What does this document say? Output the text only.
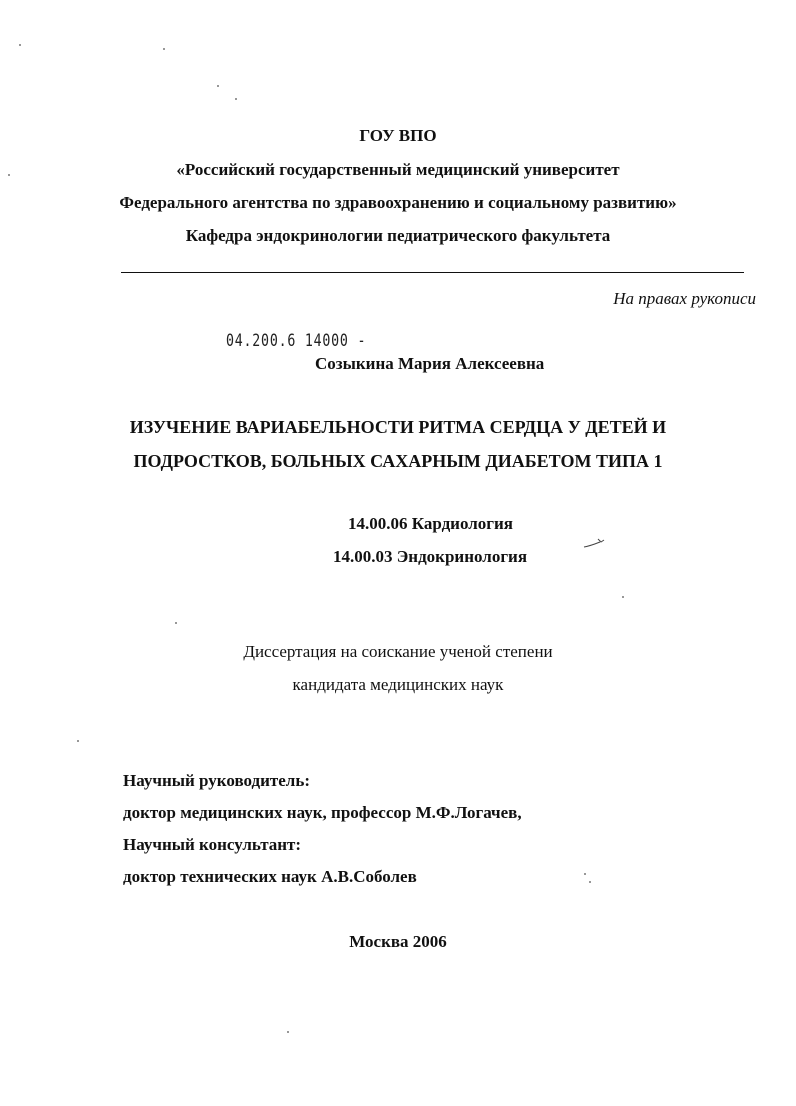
ГОУ ВПО
«Российский государственный медицинский университет
Федерального агентства по здравоохранению и социальному развитию»
Кафедра эндокринологии педиатрического факультета
На правах рукописи
04.200.6 14000 -
Созыкина Мария Алексеевна
ИЗУЧЕНИЕ ВАРИАБЕЛЬНОСТИ РИТМА СЕРДЦА У ДЕТЕЙ И
ПОДРОСТКОВ, БОЛЬНЫХ САХАРНЫМ ДИАБЕТОМ ТИПА 1
14.00.06 Кардиология
14.00.03 Эндокринология
Диссертация на соискание ученой степени
кандидата медицинских наук
Научный руководитель:
доктор медицинских наук, профессор М.Ф.Логачев,
Научный консультант:
доктор технических наук А.В.Соболев
Москва 2006
